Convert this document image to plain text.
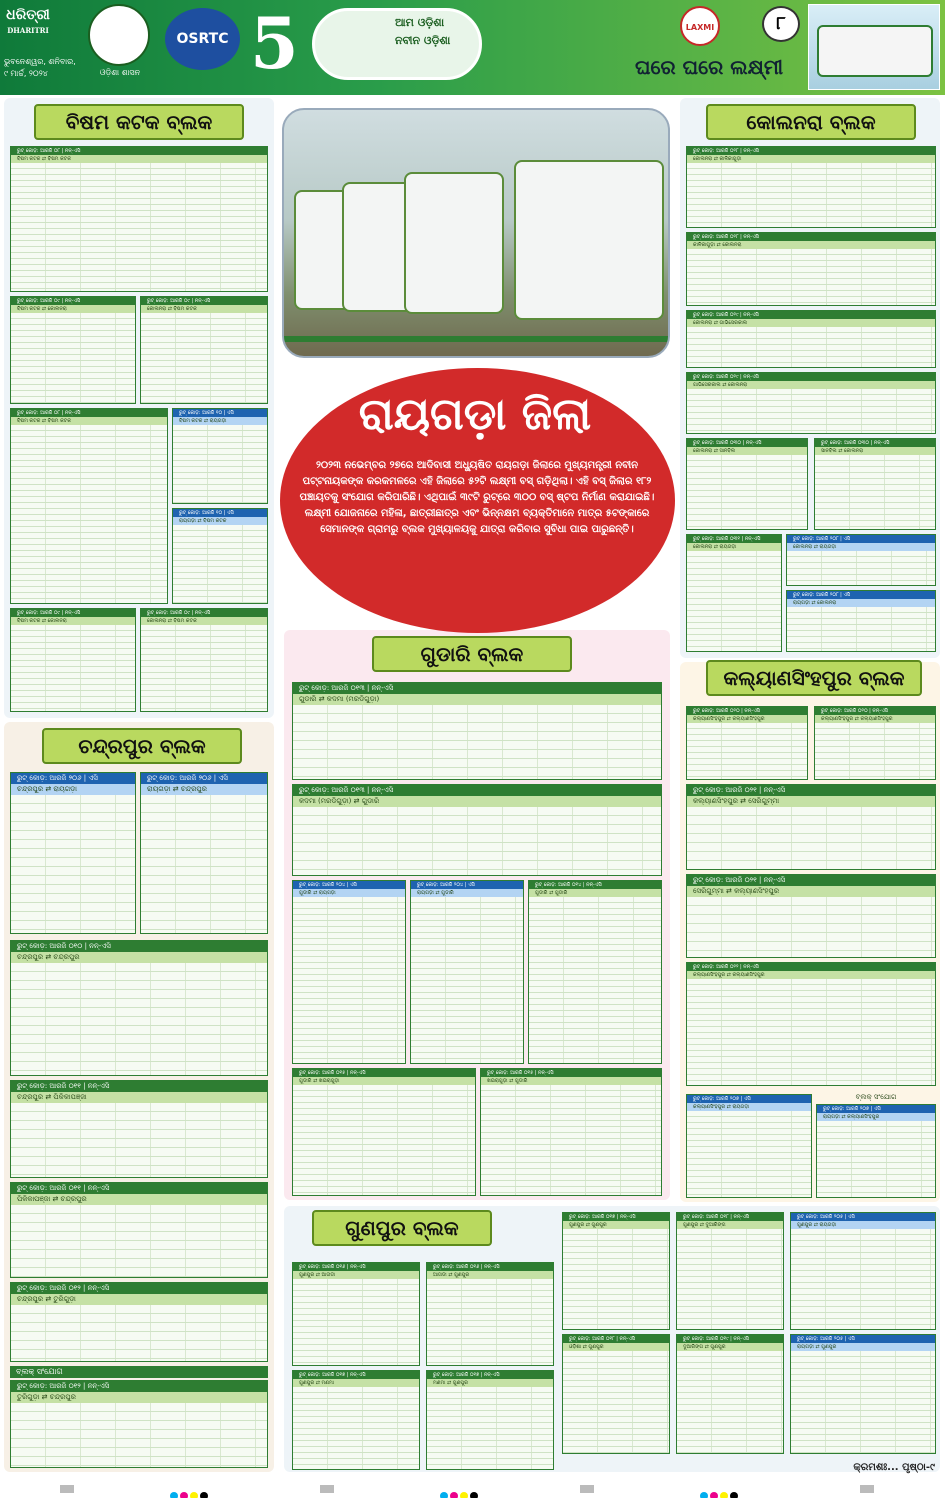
ଧରିତ୍ରୀ
DHARITRI
ଭୁବନେଶ୍ୱର, ଶନିବାର, ୯ ମାର୍ଚ୍ଚ, ୨୦୨୪	ଓଡ଼ିଶା ଶାସନ
OSRTC 5	ଆମ ଓଡ଼ିଶା
ନବୀନ ଓଡ଼ିଶା
LAXMI
ଘରେ ଘରେ ଲକ୍ଷ୍ମୀ
୮
ବିଷମ କଟକ ବ୍ଲକ	କୋଲନରା ବ୍ଲକ
ଚନ୍ଦ୍ରପୁର ବ୍ଲକ
ଗୁଡାରି ବ୍ଲକ
କଲ୍ୟାଣସିଂହପୁର ବ୍ଲକ
ଗୁଣପୁର ବ୍ଲକ
ରାୟଗଡ଼ା ଜିଲା
୨୦୨୩ ନଭେମ୍ବର ୨୭ରେ ଆଦିବାସୀ ଅଧ୍ୟୁଷିତ ରାୟଗଡ଼ା ଜିଲାରେ ମୁଖ୍ୟମନ୍ତ୍ରୀ ନବୀନ ପଟ୍ଟନାୟକଙ୍କ କରକମଳରେ ଏହି ଜିଲାରେ ୫୨ଟି ଲକ୍ଷ୍ମୀ ବସ୍ ଗଡ଼ିଥିଲା। ଏହି ବସ୍ ଜିଲାର ୧୮୨ ପଞ୍ଚାୟତକୁ ସଂଯୋଗ କରିପାରିଛି। ଏଥିପାଇଁ ୩୯ଟି ରୁଟ୍‌ରେ ୩୦୦ ବସ୍ ଷ୍ଟପ ନିର୍ମାଣ କରାଯାଇଛି। ଲକ୍ଷ୍ମୀ ଯୋଜନାରେ ମହିଳା, ଛାତ୍ରୀଛାତ୍ର ଏବଂ ଭିନ୍ନକ୍ଷମ ବ୍ୟକ୍ତିମାନେ ମାତ୍ର ୫ଟଙ୍କାରେ ସେମାନଙ୍କ ଗ୍ରାମରୁ ବ୍ଲକ ମୁଖ୍ୟାଳୟକୁ ଯାତ୍ରା କରିବାର ସୁବିଧା ପାଇ ପାରୁଛନ୍ତି।
ରୁଟ୍ କୋଡ଼: ଆରଜି ୦୮ | ନନ୍-ଏସି
ବିଷମ କଟକ ⇄ ବିଷମ କଟକ
ରୁଟ୍ କୋଡ଼: ଆରଜି ୦୯ | ନନ୍-ଏସି
ବିଷମ କଟକ ⇄ କୋଲନରା
ରୁଟ୍ କୋଡ଼: ଆରଜି ୦୯ | ନନ୍-ଏସି
କୋଲନରା ⇄ ବିଷମ କଟକ
ରୁଟ୍ କୋଡ଼: ଆରଜି ୦୮ | ନନ୍-ଏସି
ବିଷମ କଟକ ⇄ ବିଷମ କଟକ
ରୁଟ୍ କୋଡ଼: ଆରଜି ୧୦ | ଏସି
ବିଷମ କଟକ ⇄ ରାୟଗଡ଼ା
ରୁଟ୍ କୋଡ଼: ଆରଜି ୧୦ | ଏସି
ରାୟଗଡ଼ା ⇄ ବିଷମ କଟକ
ରୁଟ୍ କୋଡ଼: ଆରଜି ୦୯ | ନନ୍-ଏସି
ବିଷମ କଟକ ⇄ କୋଲନରା
ରୁଟ୍ କୋଡ଼: ଆରଜି ୦୯ | ନନ୍-ଏସି
କୋଲନରା ⇄ ବିଷମ କଟକ
ରୁଟ୍ କୋଡ଼: ଆରଜି ୦୨୮ | ନନ୍-ଏସି
କୋଲନରା ⇄ କାଳିକାଗୁଡ଼ା
ରୁଟ୍ କୋଡ଼: ଆରଜି ୦୨୮ | ନନ୍-ଏସି
କାଳିକାଗୁଡ଼ା ⇄ କୋଲନରା
ରୁଟ୍ କୋଡ଼: ଆରଜି ୦୨୯ | ନନ୍-ଏସି
କୋଲନରା ⇄ ଗାଭିସେରକାଲ
ରୁଟ୍ କୋଡ଼: ଆରଜି ୦୨୯ | ନନ୍-ଏସି
ଗାଭିସେରକାଲ ⇄ କୋଲନରା
ରୁଟ୍ କୋଡ଼: ଆରଜି ୦୩୦ | ନନ୍-ଏସି
କୋଲନରା ⇄ ସାନବିଲ
ରୁଟ୍ କୋଡ଼: ଆରଜି ୦୩୦ | ନନ୍-ଏସି
ସାନବିଲ ⇄ କୋଲନରା
ରୁଟ୍ କୋଡ଼: ଆରଜି ୦୩୧ | ନନ୍-ଏସି
କୋଲନରା ⇄ ରାୟଗଡ଼ା
ରୁଟ୍ କୋଡ଼: ଆରଜି ୨୦୮ | ଏସି
କୋଲନରା ⇄ ରାୟଗଡ଼ା
ରୁଟ୍ କୋଡ଼: ଆରଜି ୨୦୮ | ଏସି
ରାୟଗଡ଼ା ⇄ କୋଲନରା
ରୁଟ୍ କୋଡ଼: ଆରଜି ୨୦୬ | ଏସି
ଚନ୍ଦ୍ରପୁର ⇄ ରାୟଗଡ଼ା
ରୁଟ୍ କୋଡ଼: ଆରଜି ୨୦୬ | ଏସି
ରାୟଗଡ଼ା ⇄ ଚନ୍ଦ୍ରପୁର
ରୁଟ୍ କୋଡ଼: ଆରଜି ୦୧୦ | ନନ୍-ଏସି
ଚନ୍ଦ୍ରପୁର ⇄ ଚନ୍ଦ୍ରପୁର
ରୁଟ୍ କୋଡ଼: ଆରଜି ୦୧୧ | ନନ୍-ଏସି
ଚନ୍ଦ୍ରପୁର ⇄ ପିକିକାପଞ୍ଜା
ରୁଟ୍ କୋଡ଼: ଆରଜି ୦୧୧ | ନନ୍-ଏସି
ପିକିକାପଞ୍ଜା ⇄ ଚନ୍ଦ୍ରପୁର
ରୁଟ୍ କୋଡ଼: ଆରଜି ୦୧୨ | ନନ୍-ଏସି
ଚନ୍ଦ୍ରପୁର ⇄ ତୁରିଗୁଡ଼ା
ବ୍ଲକ୍ ସଂଯୋଗ
ରୁଟ୍ କୋଡ଼: ଆରଜି ୦୧୨ | ନନ୍-ଏସି
ତୁରିଗୁଡ଼ା ⇄ ଚନ୍ଦ୍ରପୁର
ରୁଟ୍ କୋଡ଼: ଆରଜି ୦୧୩ | ନନ୍-ଏସି
ଗୁଡାରି ⇄ କଦମା (ମରଡିଗୁଡ଼ା)
ରୁଟ୍ କୋଡ଼: ଆରଜି ୦୧୩ | ନନ୍-ଏସି
କଦମା (ମରଡିଗୁଡ଼ା) ⇄ ଗୁଡାରି
ରୁଟ୍ କୋଡ଼: ଆରଜି ୨୦୪ | ଏସି
ଗୁଡାରି ⇄ ରାୟଗଡ଼ା
ରୁଟ୍ କୋଡ଼: ଆରଜି ୨୦୪ | ଏସି
ରାୟଗଡ଼ା ⇄ ଗୁଡାରି
ରୁଟ୍ କୋଡ଼: ଆରଜି ୦୧୪ | ନନ୍-ଏସି
ଗୁଡାରି ⇄ ଗୁଡାରି
ରୁଟ୍ କୋଡ଼: ଆରଜି ୦୧୫ | ନନ୍-ଏସି
ଗୁଡାରି ⇄ ଖଇରାଗୁଡ଼ା
ରୁଟ୍ କୋଡ଼: ଆରଜି ୦୧୫ | ନନ୍-ଏସି
ଖଇରାଗୁଡ଼ା ⇄ ଗୁଡାରି
ରୁଟ୍ କୋଡ଼: ଆରଜି ୦୨୦ | ନନ୍-ଏସି
କଲ୍ୟାଣସିଂହପୁର ⇄ କଲ୍ୟାଣସିଂହପୁର
ରୁଟ୍ କୋଡ଼: ଆରଜି ୦୨୦ | ନନ୍-ଏସି
କଲ୍ୟାଣସିଂହପୁର ⇄ କଲ୍ୟାଣସିଂହପୁର
ରୁଟ୍ କୋଡ଼: ଆରଜି ୦୨୧ | ନନ୍-ଏସି
କଲ୍ୟାଣସିଂହପୁର ⇄ ସେରିଗୁମ୍ମା
ରୁଟ୍ କୋଡ଼: ଆରଜି ୦୨୧ | ନନ୍-ଏସି
ସେରିଗୁମ୍ମା ⇄ କଲ୍ୟାଣସିଂହପୁର
ରୁଟ୍ କୋଡ଼: ଆରଜି ୦୨୨ | ନନ୍-ଏସି
କଲ୍ୟାଣସିଂହପୁର ⇄ କଲ୍ୟାଣସିଂହପୁର
ରୁଟ୍ କୋଡ଼: ଆରଜି ୨୦୭ | ଏସି
କଲ୍ୟାଣସିଂହପୁର ⇄ ରାୟଗଡ଼ା
ବ୍ଲକ୍ ସଂଯୋଗ
ରୁଟ୍ କୋଡ଼: ଆରଜି ୨୦୭ | ଏସି
ରାୟଗଡ଼ା ⇄ କଲ୍ୟାଣସିଂହପୁର
ରୁଟ୍ କୋଡ଼: ଆରଜି ୦୧୬ | ନନ୍-ଏସି
ଗୁଣପୁର ⇄ ଆତାଡା
ରୁଟ୍ କୋଡ଼: ଆରଜି ୦୧୬ | ନନ୍-ଏସି
ଆତାଡା ⇄ ଗୁଣପୁର
ରୁଟ୍ କୋଡ଼: ଆରଜି ୦୧୭ | ନନ୍-ଏସି
ଗୁଣପୁର ⇄ ଗୁଣପୁର
ରୁଟ୍ କୋଡ଼: ଆରଜି ୦୧୮ | ନନ୍-ଏସି
ଗୁଣପୁର ⇄ ଦୁଆରିଙ୍ଗ
ରୁଟ୍ କୋଡ଼: ଆରଜି ୨୦୫ | ଏସି
ଗୁଣପୁର ⇄ ରାୟଗଡ଼ା
ରୁଟ୍ କୋଡ଼: ଆରଜି ୦୧୭ | ନନ୍-ଏସି
ଗୁଣପୁର ⇄ ମଣମା
ରୁଟ୍ କୋଡ଼: ଆରଜି ୦୧୭ | ନନ୍-ଏସି
ମଣମା ⇄ ଗୁଣପୁର
ରୁଟ୍ କୋଡ଼: ଆରଜି ୦୧୮ | ନନ୍-ଏସି
ଓଡ଼ିଶା ⇄ ଗୁଣପୁର
ରୁଟ୍ କୋଡ଼: ଆରଜି ୦୧୯ | ନନ୍-ଏସି
ଦୁଆରିଙ୍ଗ ⇄ ଗୁଣପୁର
ରୁଟ୍ କୋଡ଼: ଆରଜି ୨୦୫ | ଏସି
ରାୟଗଡ଼ା ⇄ ଗୁଣପୁର
କ୍ରମଶଃ... ପୃଷ୍ଠା-୯
